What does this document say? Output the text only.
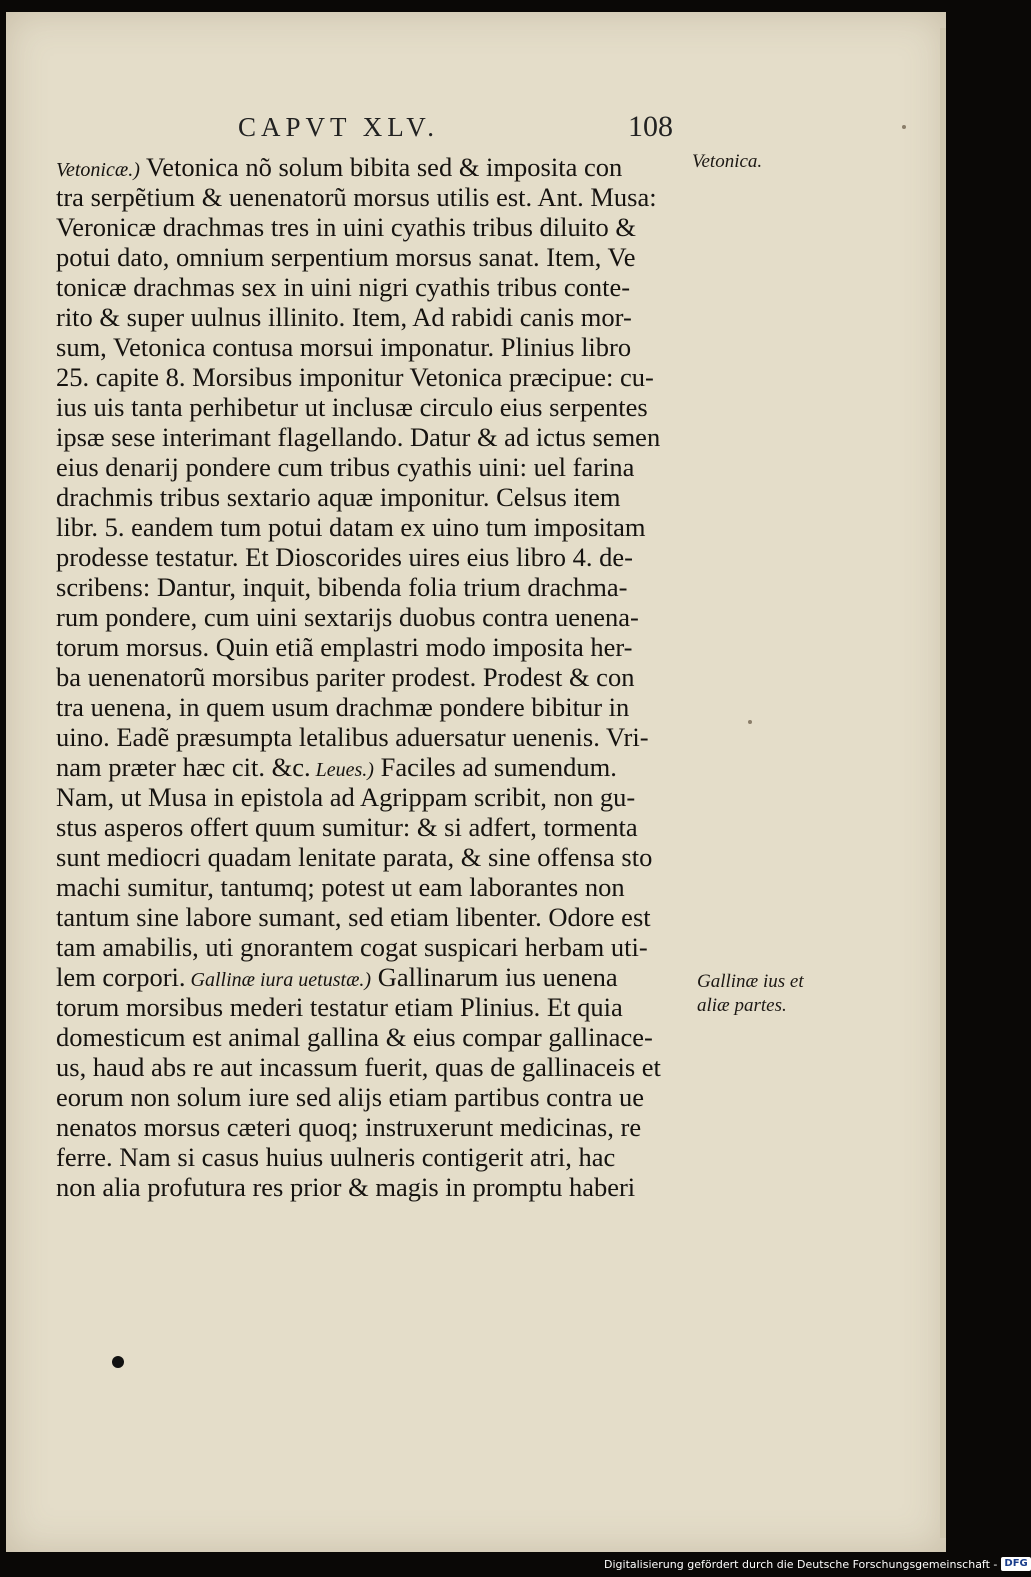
CAPVT XLV.	108
Vetonicæ.) Vetonica nõ solum bibita sed & imposita con
tra serpẽtium & uenenatorũ morsus utilis est. Ant. Musa:
Veronicæ drachmas tres in uini cyathis tribus diluito &
potui dato, omnium serpentium morsus sanat. Item, Ve
tonicæ drachmas sex in uini nigri cyathis tribus conte-
rito & super uulnus illinito. Item, Ad rabidi canis mor-
sum, Vetonica contusa morsui imponatur. Plinius libro
25. capite 8. Morsibus imponitur Vetonica præcipue: cu-
ius uis tanta perhibetur ut inclusæ circulo eius serpentes
ipsæ sese interimant flagellando. Datur & ad ictus semen
eius denarij pondere cum tribus cyathis uini: uel farina
drachmis tribus sextario aquæ imponitur. Celsus item
libr. 5. eandem tum potui datam ex uino tum impositam
prodesse testatur. Et Dioscorides uires eius libro 4. de-
scribens: Dantur, inquit, bibenda folia trium drachma-
rum pondere, cum uini sextarijs duobus contra uenena-
torum morsus. Quin etiã emplastri modo imposita her-
ba uenenatorũ morsibus pariter prodest. Prodest & con
tra uenena, in quem usum drachmæ pondere bibitur in
uino. Eadẽ præsumpta letalibus aduersatur uenenis. Vri-
nam præter hæc cit. &c. Leues.) Faciles ad sumendum.
Nam, ut Musa in epistola ad Agrippam scribit, non gu-
stus asperos offert quum sumitur: & si adfert, tormenta
sunt mediocri quadam lenitate parata, & sine offensa sto
machi sumitur, tantumq; potest ut eam laborantes non
tantum sine labore sumant, sed etiam libenter. Odore est
tam amabilis, uti gnorantem cogat suspicari herbam uti-
lem corpori. Gallinæ iura uetustæ.) Gallinarum ius uenena
torum morsibus mederi testatur etiam Plinius. Et quia
domesticum est animal gallina & eius compar gallinace-
us, haud abs re aut incassum fuerit, quas de gallinaceis et
eorum non solum iure sed alijs etiam partibus contra ue
nenatos morsus cæteri quoq; instruxerunt medicinas, re
ferre. Nam si casus huius uulneris contigerit atri, hac
non alia profutura res prior & magis in promptu haberi
Vetonica.
Gallinæ ius et
aliæ partes.
Digitalisierung gefördert durch die Deutsche Forschungsgemeinschaft - DFG
